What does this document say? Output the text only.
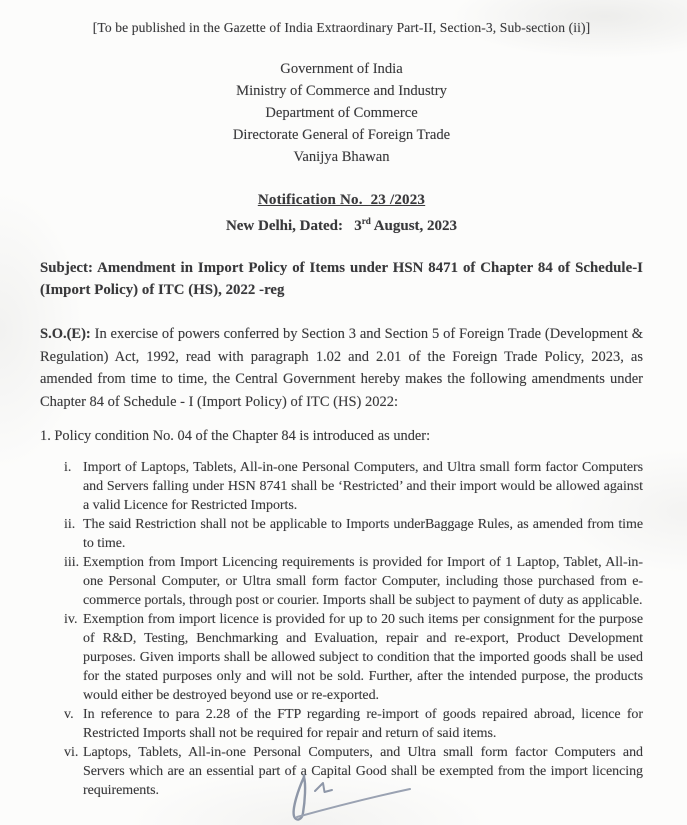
[To be published in the Gazette of India Extraordinary Part-II, Section-3, Sub-section (ii)]
Government of India
Ministry of Commerce and Industry
Department of Commerce
Directorate General of Foreign Trade
Vanijya Bhawan
Notification No.  23 /2023
New Delhi, Dated:   3rd August, 2023
Subject: Amendment in Import Policy of Items under HSN 8471 of Chapter 84 of Schedule-I (Import Policy) of ITC (HS), 2022 -reg
S.O.(E): In exercise of powers conferred by Section 3 and Section 5 of Foreign Trade (Development & Regulation) Act, 1992, read with paragraph 1.02 and 2.01 of the Foreign Trade Policy, 2023, as amended from time to time, the Central Government hereby makes the following amendments under Chapter 84 of Schedule - I (Import Policy) of ITC (HS) 2022:
1. Policy condition No. 04 of the Chapter 84 is introduced as under:
i. Import of Laptops, Tablets, All-in-one Personal Computers, and Ultra small form factor Computers and Servers falling under HSN 8741 shall be ‘Restricted’ and their import would be allowed against a valid Licence for Restricted Imports.
ii. The said Restriction shall not be applicable to Imports underBaggage Rules, as amended from time to time.
iii. Exemption from Import Licencing requirements is provided for Import of 1 Laptop, Tablet, All-in-one Personal Computer, or Ultra small form factor Computer, including those purchased from e-commerce portals, through post or courier. Imports shall be subject to payment of duty as applicable.
iv. Exemption from import licence is provided for up to 20 such items per consignment for the purpose of R&D, Testing, Benchmarking and Evaluation, repair and re-export, Product Development purposes. Given imports shall be allowed subject to condition that the imported goods shall be used for the stated purposes only and will not be sold. Further, after the intended purpose, the products would either be destroyed beyond use or re-exported.
v. In reference to para 2.28 of the FTP regarding re-import of goods repaired abroad, licence for Restricted Imports shall not be required for repair and return of said items.
vi. Laptops, Tablets, All-in-one Personal Computers, and Ultra small form factor Computers and Servers which are an essential part of a Capital Good shall be exempted from the import licencing requirements.
